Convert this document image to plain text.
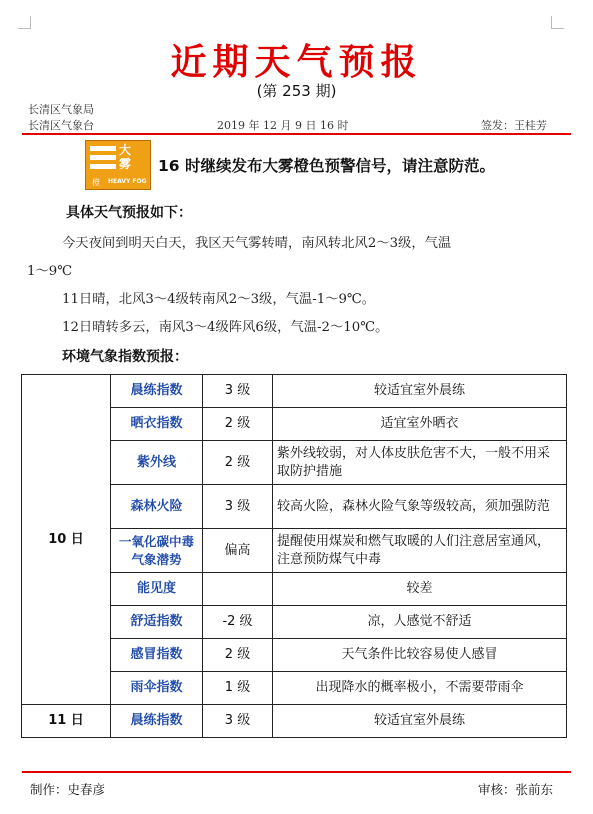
近期天气预报
(第 253 期)
长清区气象局
长清区气象台	2019 年 12 月 9 日 16 时	签发：王桂芳
大雾
橙 HEAVY FOG
16 时继续发布大雾橙色预警信号，请注意防范。
具体天气预报如下：
今天夜间到明天白天，我区天气雾转晴，南风转北风2～3级，气温
1～9℃
11日晴，北风3～4级转南风2～3级，气温-1～9℃。
12日晴转多云，南风3～4级阵风6级，气温-2～10℃。
环境气象指数预报：
10 日	晨练指数	3 级	较适宜室外晨练
	晒衣指数	2 级	适宜室外晒衣
	紫外线	2 级	紫外线较弱，对人体皮肤危害不大，一般不用采取防护措施
	森林火险	3 级	较高火险，森林火险气象等级较高，须加强防范
	一氧化碳中毒气象潜势	偏高	提醒使用煤炭和燃气取暖的人们注意居室通风，注意预防煤气中毒
	能见度		较差
	舒适指数	-2 级	凉，人感觉不舒适
	感冒指数	2 级	天气条件比较容易使人感冒
	雨伞指数	1 级	出现降水的概率极小，不需要带雨伞
11 日	晨练指数	3 级	较适宜室外晨练
制作：史春彦	审核：张前东
